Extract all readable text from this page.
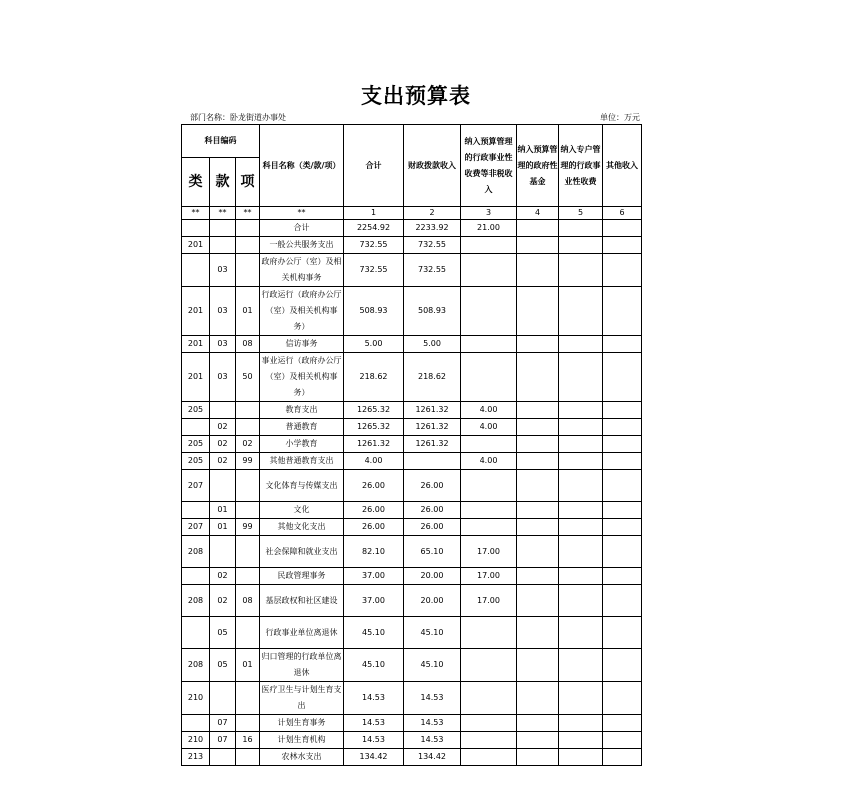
支出预算表
部门名称：卧龙街道办事处	单位：万元
科目编码			科目名称（类/款/项）	合计	财政拨款收入	纳入预算管理的行政事业性收费等非税收入	纳入预算管理的政府性基金	纳入专户管理的行政事业性收费	其他收入

类	款	项							
**	**	**	**	1	2	3	4	5	6
			合计	2254.92	2233.92	21.00			
201			一般公共服务支出	732.55	732.55				
	03		政府办公厅（室）及相关机构事务	732.55	732.55				
201	03	01	行政运行（政府办公厅（室）及相关机构事务）	508.93	508.93				
201	03	08	信访事务	5.00	5.00				
201	03	50	事业运行（政府办公厅（室）及相关机构事务）	218.62	218.62				
205			教育支出	1265.32	1261.32	4.00			
	02		普通教育	1265.32	1261.32	4.00			
205	02	02	小学教育	1261.32	1261.32				
205	02	99	其他普通教育支出	4.00		4.00			
207			文化体育与传媒支出	26.00	26.00				
	01		文化	26.00	26.00				
207	01	99	其他文化支出	26.00	26.00				
208			社会保障和就业支出	82.10	65.10	17.00			
	02		民政管理事务	37.00	20.00	17.00			
208	02	08	基层政权和社区建设	37.00	20.00	17.00			
	05		行政事业单位离退休	45.10	45.10				
208	05	01	归口管理的行政单位离退休	45.10	45.10				
210			医疗卫生与计划生育支出	14.53	14.53				
	07		计划生育事务	14.53	14.53				
210	07	16	计划生育机构	14.53	14.53				
213			农林水支出	134.42	134.42				
